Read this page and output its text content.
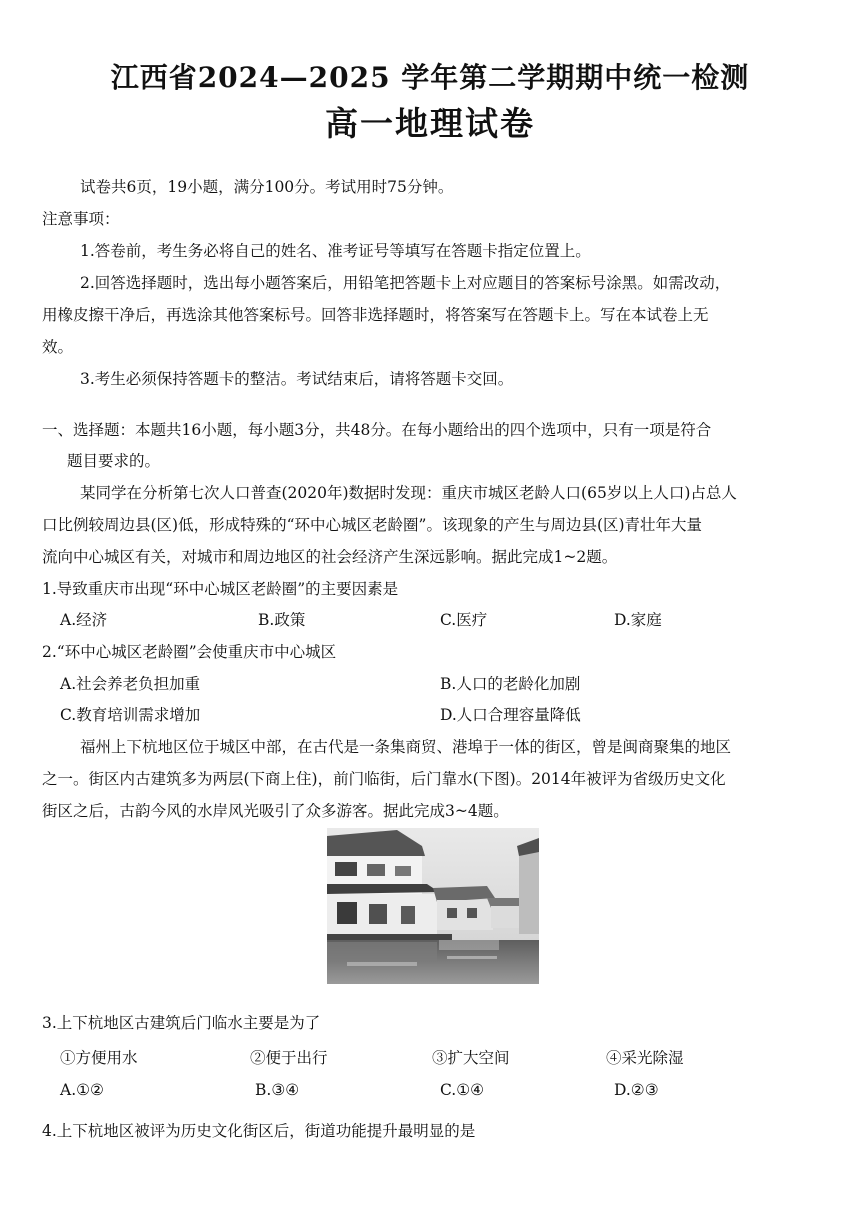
江西省2024—2025 学年第二学期期中统一检测
高一地理试卷
试卷共6页，19小题，满分100分。考试用时75分钟。
注意事项：
1.答卷前，考生务必将自己的姓名、准考证号等填写在答题卡指定位置上。
2.回答选择题时，选出每小题答案后，用铅笔把答题卡上对应题目的答案标号涂黑。如需改动，
用橡皮擦干净后，再选涂其他答案标号。回答非选择题时，将答案写在答题卡上。写在本试卷上无
效。
3.考生必须保持答题卡的整洁。考试结束后，请将答题卡交回。
一、选择题：本题共16小题，每小题3分，共48分。在每小题给出的四个选项中，只有一项是符合
题目要求的。
某同学在分析第七次人口普查(2020年)数据时发现：重庆市城区老龄人口(65岁以上人口)占总人
口比例较周边县(区)低，形成特殊的“环中心城区老龄圈”。该现象的产生与周边县(区)青壮年大量
流向中心城区有关，对城市和周边地区的社会经济产生深远影响。据此完成1~2题。
1.导致重庆市出现“环中心城区老龄圈”的主要因素是
A.经济	B.政策	C.医疗	D.家庭
2.“环中心城区老龄圈”会使重庆市中心城区
A.社会养老负担加重	B.人口的老龄化加剧
C.教育培训需求增加	D.人口合理容量降低
福州上下杭地区位于城区中部，在古代是一条集商贸、港埠于一体的街区，曾是闽商聚集的地区
之一。街区内古建筑多为两层(下商上住)，前门临街，后门靠水(下图)。2014年被评为省级历史文化
街区之后，古韵今风的水岸风光吸引了众多游客。据此完成3~4题。
3.上下杭地区古建筑后门临水主要是为了
①方便用水	②便于出行	③扩大空间	④采光除湿
A.①②	B.③④	C.①④	D.②③
4.上下杭地区被评为历史文化街区后，街道功能提升最明显的是
